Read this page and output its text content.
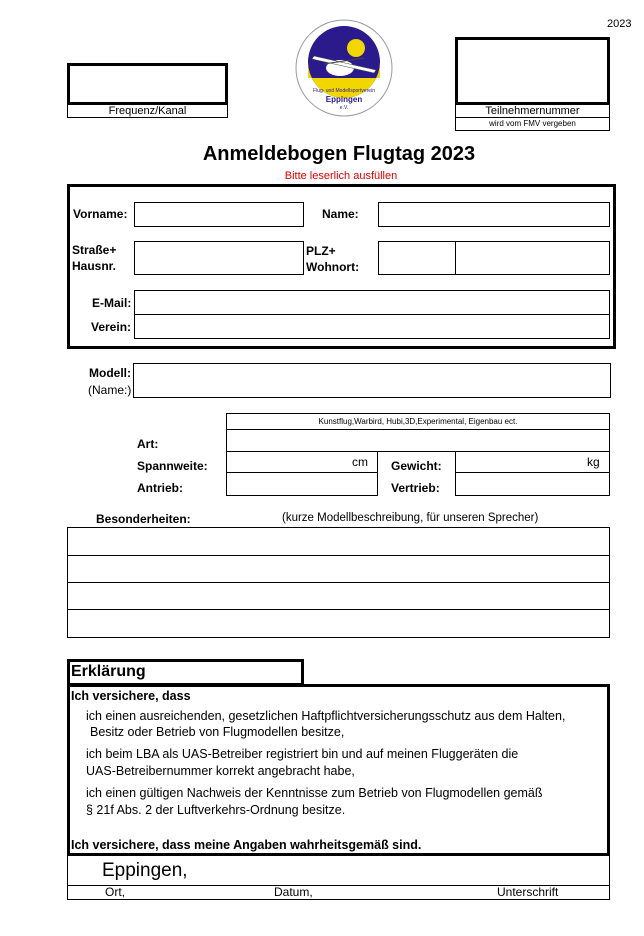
2023
Frequenz/Kanal
Flug- und Modellsportverein
Eppingen
e.V.	Teilnehmernummer
wird vom FMV vergeben
Anmeldebogen Flugtag 2023
Bitte leserlich ausfüllen
Vorname:	Name:
Straße+
Hausnr.
PLZ+
Wohnort:
E-Mail:
Verein:
Modell:
(Name:)
Kunstflug,Warbird, Hubi,3D,Experimental, Eigenbau ect.
Art:
Spannweite:	cm Gewicht:	kg
Antrieb:	Vertrieb:
Besonderheiten:	(kurze Modellbeschreibung, für unseren Sprecher)
Erklärung
Ich versichere, dass
ich einen ausreichenden, gesetzlichen Haftpflichtversicherungsschutz aus dem Halten,
Besitz oder Betrieb von Flugmodellen besitze,
ich beim LBA als UAS-Betreiber registriert bin und auf meinen Fluggeräten die
UAS-Betreibernummer korrekt angebracht habe,
ich einen gültigen Nachweis der Kenntnisse zum Betrieb von Flugmodellen gemäß
§ 21f Abs. 2 der Luftverkehrs-Ordnung besitze.
Ich versichere, dass meine Angaben wahrheitsgemäß sind.
Eppingen,
Ort,	Datum,	Unterschrift
